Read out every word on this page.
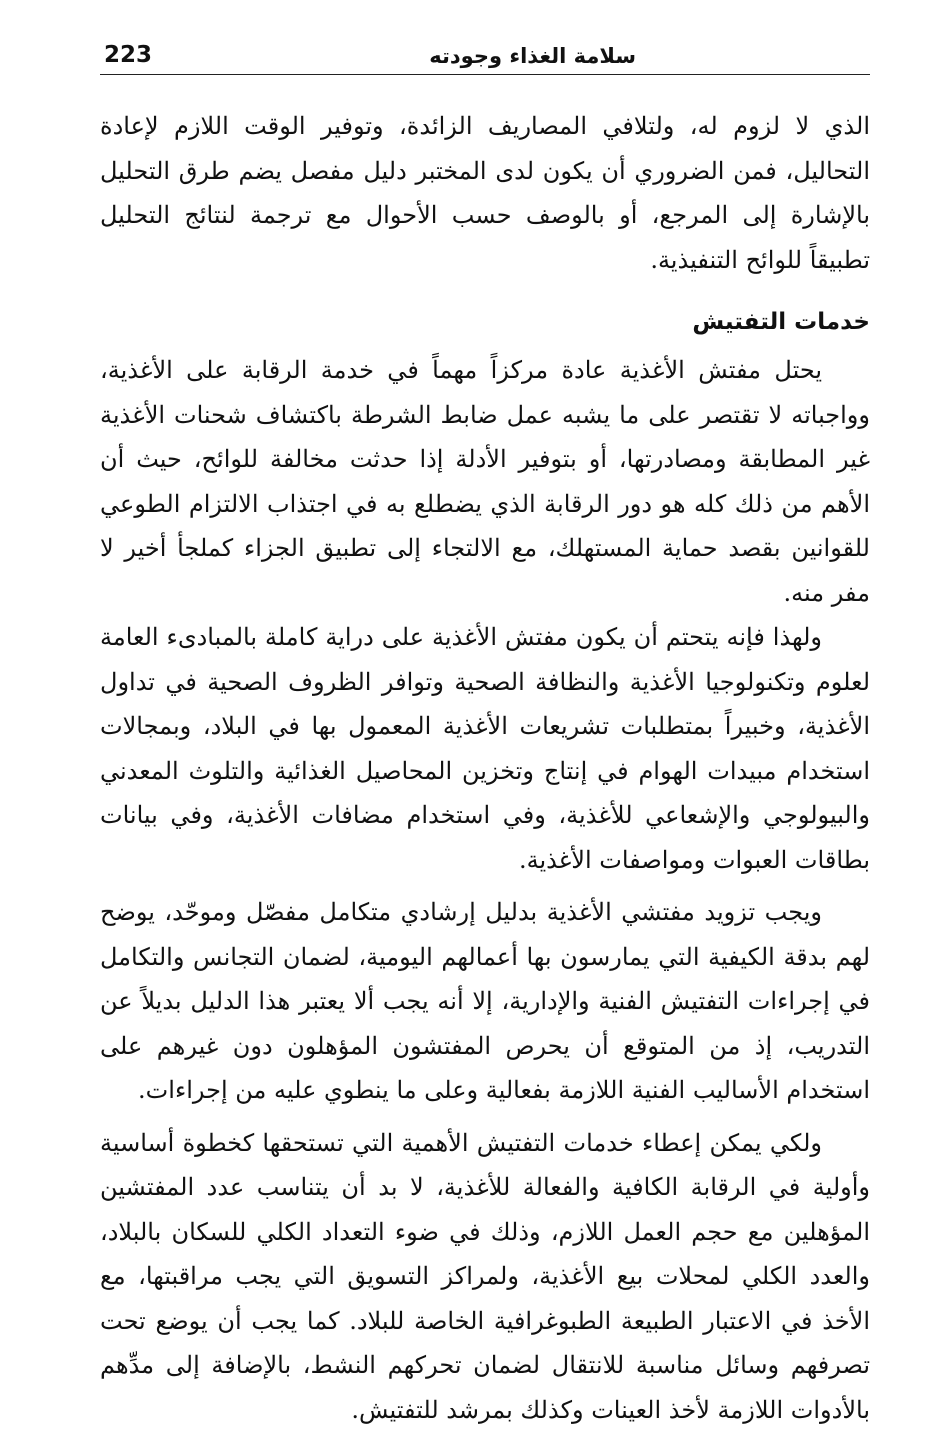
سلامة الغذاء وجودته
223

الذي لا لزوم له، ولتلافي المصاريف الزائدة، وتوفير الوقت اللازم لإعادة التحاليل، فمن الضروري أن يكون لدى المختبر دليل مفصل يضم طرق التحليل بالإشارة إلى المرجع، أو بالوصف حسب الأحوال مع ترجمة لنتائج التحليل تطبيقاً للوائح التنفيذية.

خدمات التفتيش

يحتل مفتش الأغذية عادة مركزاً مهماً في خدمة الرقابة على الأغذية، وواجباته لا تقتصر على ما يشبه عمل ضابط الشرطة باكتشاف شحنات الأغذية غير المطابقة ومصادرتها، أو بتوفير الأدلة إذا حدثت مخالفة للوائح، حيث أن الأهم من ذلك كله هو دور الرقابة الذي يضطلع به في اجتذاب الالتزام الطوعي للقوانين بقصد حماية المستهلك، مع الالتجاء إلى تطبيق الجزاء كملجأ أخير لا مفر منه.

ولهذا فإنه يتحتم أن يكون مفتش الأغذية على دراية كاملة بالمبادىء العامة لعلوم وتكنولوجيا الأغذية والنظافة الصحية وتوافر الظروف الصحية في تداول الأغذية، وخبيراً بمتطلبات تشريعات الأغذية المعمول بها في البلاد، وبمجالات استخدام مبيدات الهوام في إنتاج وتخزين المحاصيل الغذائية والتلوث المعدني والبيولوجي والإشعاعي للأغذية، وفي استخدام مضافات الأغذية، وفي بيانات بطاقات العبوات ومواصفات الأغذية.

ويجب تزويد مفتشي الأغذية بدليل إرشادي متكامل مفصّل وموحّد، يوضح لهم بدقة الكيفية التي يمارسون بها أعمالهم اليومية، لضمان التجانس والتكامل في إجراءات التفتيش الفنية والإدارية، إلا أنه يجب ألا يعتبر هذا الدليل بديلاً عن التدريب، إذ من المتوقع أن يحرص المفتشون المؤهلون دون غيرهم على استخدام الأساليب الفنية اللازمة بفعالية وعلى ما ينطوي عليه من إجراءات.

ولكي يمكن إعطاء خدمات التفتيش الأهمية التي تستحقها كخطوة أساسية وأولية في الرقابة الكافية والفعالة للأغذية، لا بد أن يتناسب عدد المفتشين المؤهلين مع حجم العمل اللازم، وذلك في ضوء التعداد الكلي للسكان بالبلاد، والعدد الكلي لمحلات بيع الأغذية، ولمراكز التسويق التي يجب مراقبتها، مع الأخذ في الاعتبار الطبيعة الطبوغرافية الخاصة للبلاد. كما يجب أن يوضع تحت تصرفهم وسائل مناسبة للانتقال لضمان تحركهم النشط، بالإضافة إلى مدِّهم بالأدوات اللازمة لأخذ العينات وكذلك بمرشد للتفتيش.
